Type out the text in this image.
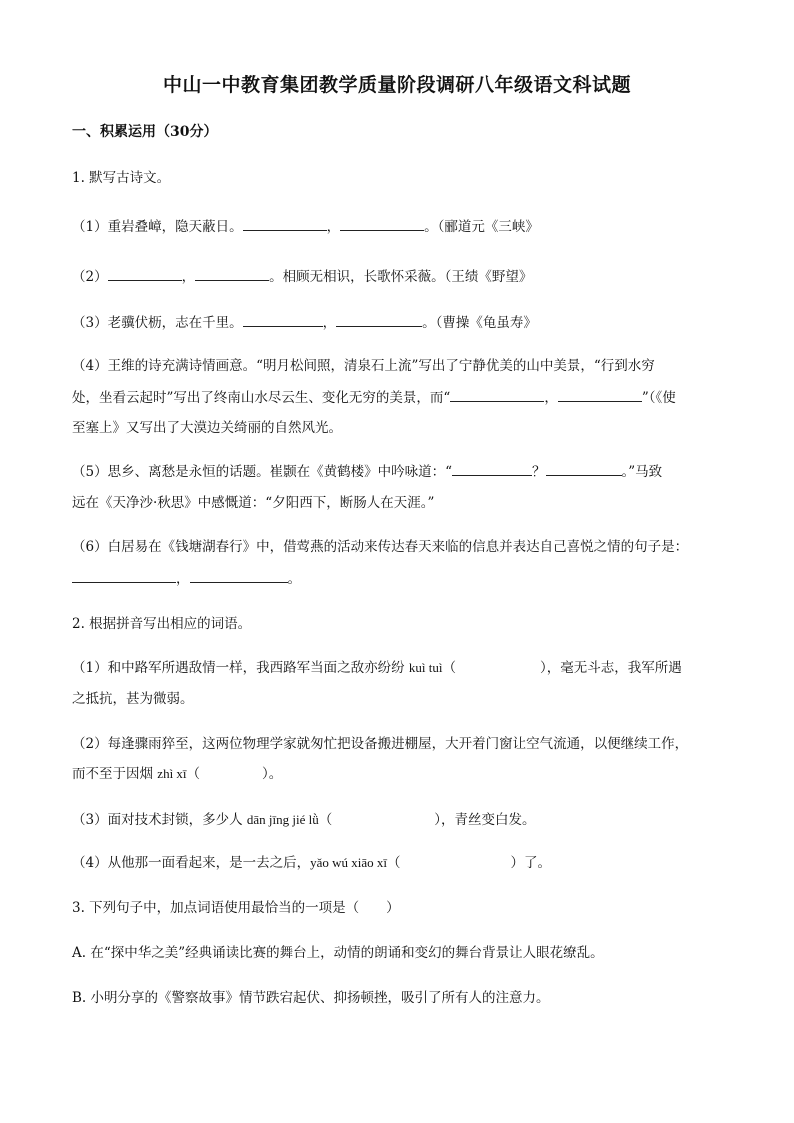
中山一中教育集团教学质量阶段调研八年级语文科试题
一、积累运用（30分）
1. 默写古诗文。
（1）重岩叠嶂，隐天蔽日。	，	。（郦道元《三峡》
（2）	，	。相顾无相识，长歌怀采薇。（王绩《野望》
（3）老骥伏枥，志在千里。	，	。（曹操《龟虽寿》
（4）王维的诗充满诗情画意。“明月松间照，清泉石上流”写出了宁静优美的山中美景，“行到水穷
处，坐看云起时”写出了终南山水尽云生、变化无穷的美景，而“	，	”（《使
至塞上》又写出了大漠边关绮丽的自然风光。
（5）思乡、离愁是永恒的话题。崔颢在《黄鹤楼》中吟咏道：“	？	。”马致
远在《天净沙·秋思》中感慨道：“夕阳西下，断肠人在天涯。”
（6）白居易在《钱塘湖春行》中，借莺燕的活动来传达春天来临的信息并表达自己喜悦之情的句子是：
，	。
2. 根据拼音写出相应的词语。
（1）和中路军所遇敌情一样，我西路军当面之敌亦纷纷 kuì tuì（	），毫无斗志，我军所遇
之抵抗，甚为微弱。
（2）每逢骤雨猝至，这两位物理学家就匆忙把设备搬进棚屋，大开着门窗让空气流通，以便继续工作，
而不至于因烟 zhì xī（	）。
（3）面对技术封锁，多少人 dān jīng jié lǜ（	），青丝变白发。
（4）从他那一面看起来，是一去之后，yǎo wú xiāo xī（	）了。
3. 下列句子中，加点词语使用最恰当的一项是（　　）
A. 在“探中华之美”经典诵读比赛的舞台上，动情的朗诵和变幻的舞台背景让人眼花缭乱。
B. 小明分享的《警察故事》情节跌宕起伏、抑扬顿挫，吸引了所有人的注意力。
